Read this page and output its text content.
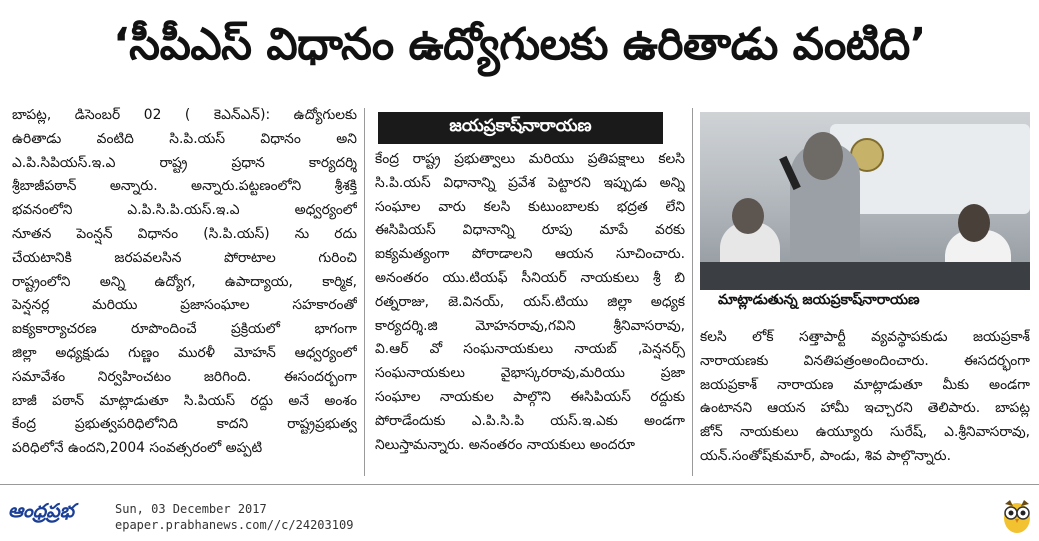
‘సీపీఎస్ విధానం ఉద్యోగులకు ఉరితాడు వంటిది’
బాపట్ల, డిసెంబర్ 02 ( కెఎన్ఎన్): ఉద్యోగులకు
ఉరితాడు వంటిది సి.పి.యస్ విధానం అని
ఎ.పి.సిపియస్.ఇ.ఎ రాష్ట్ర ప్రధాన కార్యదర్శి
శ్రీబాజీపఠాన్ అన్నారు. అన్నారు.పట్టణంలోని శ్రీశక్తి
భవనంలోని ఎ.పి.సి.పి.యస్.ఇ.ఎ అధ్వర్యంలో
నూతన పెంన్షన్ విధానం (సి.పి.యస్) ను రదు
చేయటానికి జరపవలసిన పోరాటాల గురించి
రాష్ట్రంలోని అన్ని ఉద్యోగ, ఉపాద్యాయ, కార్మిక,
పెన్షనర్ల మరియు ప్రజాసంఘాల సహకారంతో
ఐక్యకార్యాచరణ రూపొందించే ప్రక్రియలో భాగంగా
జిల్లా అధ్యక్షుడు గుణ్ణం మురళీ మోహన్ ఆధ్వర్యంలో
సమావేశం నిర్వహించటం జరిగింది. ఈసందర్బంగా
బాజీ పఠాన్ మాట్లాడుతూ సి.పియస్ రద్దు అనే అంశం
కేంద్ర ప్రభుత్వపరిధిలోనిది కాదని రాష్ట్రప్రభుత్వ
పరిధిలోనే ఉందని,2004 సంవత్సరంలో అప్పటి
జయప్రకాష్‌నారాయణ
కేంద్ర రాష్ట్ర ప్రభుత్వాలు మరియు ప్రతిపక్షాలు కలసి
సి.పి.యస్ విధానాన్ని ప్రవేశ పెట్టారని ఇప్పుడు అన్ని
సంఘాల వారు కలసి కుటుంబాలకు భద్రత లేని
ఈసిపియస్ విధానాన్ని రూపు మాపే వరకు
ఐక్యమత్యంగా పోరాడాలని ఆయన సూచించారు.
అనంతరం యు.టియఫ్ సీనియర్ నాయకులు శ్రీ బి
రత్నరాజు, జె.వినయ్, యస్.టియు జిల్లా అధ్యక
కార్యదర్శి.జి మోహనరావు,గవిని శ్రీనివాసరావు,
వి.ఆర్ వో సంఘనాయకులు నాయబ్ ,పెన్షనర్స్
సంఘనాయకులు వైభాస్కరరావు,మరియు ప్రజా
సంఘాల నాయకుల పాల్గొని ఈసిపియస్ రద్దుకు
పోరాడేందుకు ఎ.పి.సి.పి యస్.ఇ.ఎకు అండగా
నిలుస్తామన్నారు. అనంతరం నాయకులు అందరూ
మాట్లాడుతున్న జయప్రకాష్‌నారాయణ
కలసి లోక్ సత్తాపార్టీ వ్యవస్థాపకుడు జయప్రకాశ్
నారాయణకు వినతిపత్రంఅందించారు. ఈసదర్భంగా
జయప్రకాశ్ నారాయణ మాట్లాడుతూ మీకు అండగా
ఉంటానని ఆయన హామీ ఇచ్చారని తెలిపారు. బాపట్ల
జోన్ నాయకులు ఉయ్యూరు సురేష్, ఎ.శ్రీనివాసరావు,
యన్.సంతోష్‌కుమార్, పాండు, శివ పాల్గొన్నారు.
ఆంధ్రప్రభ	Sun, 03 December 2017
epaper.prabhanews.com//c/24203109
